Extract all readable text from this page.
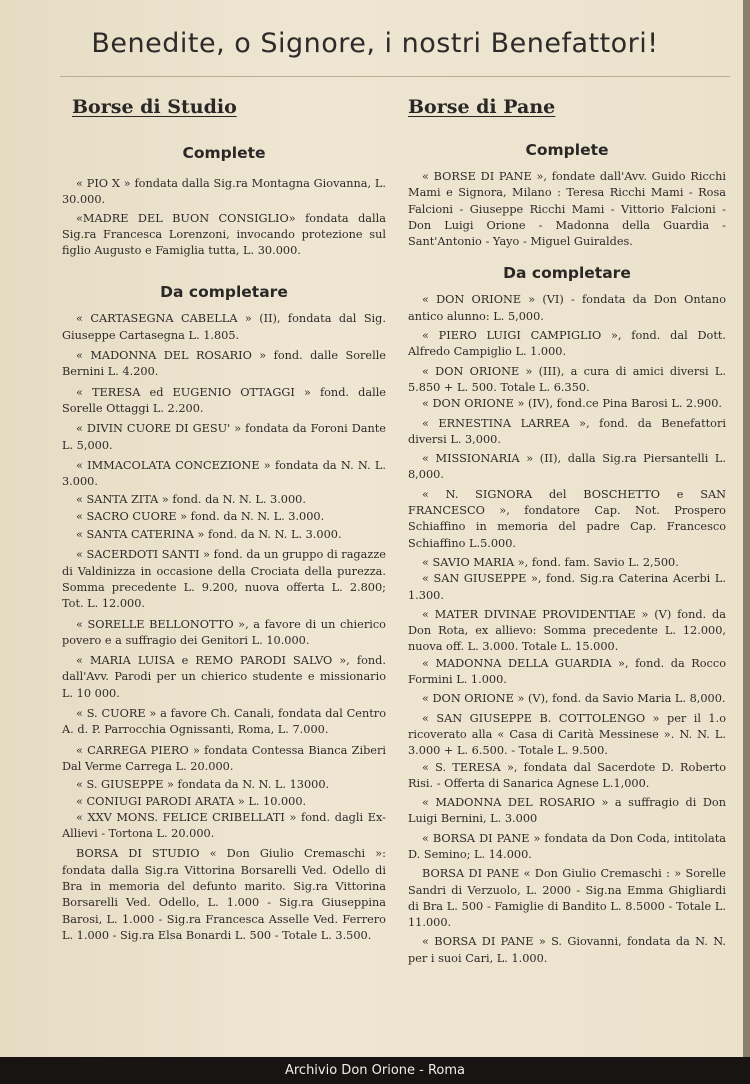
Benedite, o Signore, i nostri Benefattori!
Borse di Studio
Complete

« PIO X » fondata dalla Sig.ra Montagna Giovanna, L. 30.000.

«MADRE DEL BUON CONSIGLIO» fondata dalla Sig.ra Francesca Lorenzoni, invocando protezione sul figlio Augusto e Famiglia tutta, L. 30.000.

Da completare

« CARTASEGNA CABELLA » (II), fondata dal Sig. Giuseppe Cartasegna L. 1.805.

« MADONNA DEL ROSARIO » fond. dalle Sorelle Bernini L. 4.200.

« TERESA ed EUGENIO OTTAGGI » fond. dalle Sorelle Ottaggi L. 2.200.

« DIVIN CUORE DI GESU' » fondata da Foroni Dante L. 5,000.

« IMMACOLATA CONCEZIONE » fondata da N. N. L. 3.000.

« SANTA ZITA » fond. da N. N. L. 3.000.

« SACRO CUORE » fond. da N. N. L. 3.000.

« SANTA CATERINA » fond. da N. N. L. 3.000.

« SACERDOTI SANTI » fond. da un gruppo di ragazze di Valdinizza in occasione della Crociata della purezza. Somma precedente L. 9.200, nuova offerta L. 2.800; Tot. L. 12.000.

« SORELLE BELLONOTTO », a favore di un chierico povero e a suffragio dei Genitori L. 10.000.

« MARIA LUISA e REMO PARODI SALVO », fond. dall'Avv. Parodi per un chierico studente e missionario L. 10 000.

« S. CUORE » a favore Ch. Canali, fondata dal Centro A. d. P. Parrocchia Ognissanti, Roma, L. 7.000.

« CARREGA PIERO » fondata Contessa Bianca Ziberi Dal Verme Carrega L. 20.000.

« S. GIUSEPPE » fondata da N. N. L. 13000.

« CONIUGI PARODI ARATA » L. 10.000.

« XXV MONS. FELICE CRIBELLATI » fond. dagli Ex-Allievi - Tortona L. 20.000.

BORSA DI STUDIO « Don Giulio Cremaschi »: fondata dalla Sig.ra Vittorina Borsarelli Ved. Odello di Bra in memoria del defunto marito. Sig.ra Vittorina Borsarelli Ved. Odello, L. 1.000 - Sig.ra Giuseppina Barosi, L. 1.000 - Sig.ra Francesca Asselle Ved. Ferrero L. 1.000 - Sig.ra Elsa Bonardi L. 500 - Totale L. 3.500.

Borse di Pane
Complete

« BORSE DI PANE », fondate dall'Avv. Guido Ricchi Mami e Signora, Milano : Teresa Ricchi Mami - Rosa Falcioni - Giuseppe Ricchi Mami - Vittorio Falcioni - Don Luigi Orione - Madonna della Guardia - Sant'Antonio - Yayo - Miguel Guiraldes.

Da completare

« DON ORIONE » (VI) - fondata da Don Ontano antico alunno: L. 5,000.

« PIERO LUIGI CAMPIGLIO », fond. dal Dott. Alfredo Campiglio L. 1.000.

« DON ORIONE » (III), a cura di amici diversi L. 5.850 + L. 500. Totale L. 6.350.

« DON ORIONE » (IV), fond.ce Pina Barosi L. 2.900.

« ERNESTINA LARREA », fond. da Benefattori diversi L. 3,000.

« MISSIONARIA » (II), dalla Sig.ra Piersantelli L. 8,000.

« N. SIGNORA del BOSCHETTO e SAN FRANCESCO », fondatore Cap. Not. Prospero Schiaffino in memoria del padre Cap. Francesco Schiaffino L.5.000.

« SAVIO MARIA », fond. fam. Savio L. 2,500.

« SAN GIUSEPPE », fond. Sig.ra Caterina Acerbi L. 1.300.

« MATER DIVINAE PROVIDENTIAE » (V) fond. da Don Rota, ex allievo: Somma precedente L. 12.000, nuova off. L. 3.000. Totale L. 15.000.

« MADONNA DELLA GUARDIA », fond. da Rocco Formini L. 1.000.

« DON ORIONE » (V), fond. da Savio Maria L. 8,000.

« SAN GIUSEPPE B. COTTOLENGO » per il 1.o ricoverato alla « Casa di Carità Messinese ». N. N. L. 3.000 + L. 6.500. - Totale L. 9.500.

« S. TERESA », fondata dal Sacerdote D. Roberto Risi. - Offerta di Sanarica Agnese L.1,000.

« MADONNA DEL ROSARIO » a suffragio di Don Luigi Bernini, L. 3.000

« BORSA DI PANE » fondata da Don Coda, intitolata D. Semino; L. 14.000.

BORSA DI PANE « Don Giulio Cremaschi : » Sorelle Sandri di Verzuolo, L. 2000 - Sig.na Emma Ghigliardi di Bra L. 500 - Famiglie di Bandito L. 8.5000 - Totale L. 11.000.

« BORSA DI PANE » S. Giovanni, fondata da N. N. per i suoi Cari, L. 1.000.

Archivio Don Orione - Roma
